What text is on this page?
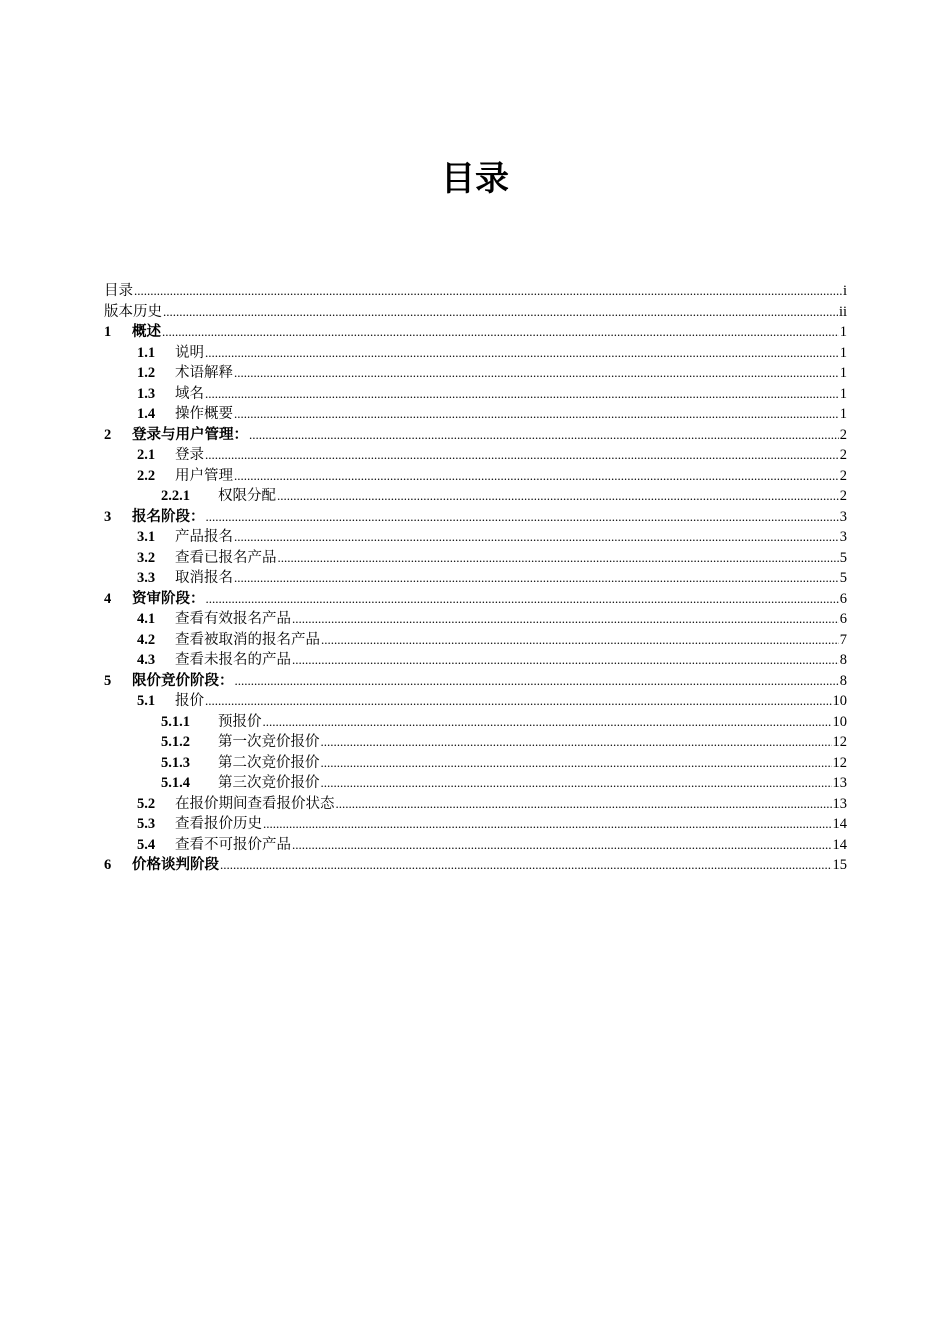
目录
目录 .....	i
版本历史 .....	ii
1	概述 .....	1
1.1	说明 .....	1
1.2	术语解释 .....	1
1.3	域名 .....	1
1.4	操作概要 .....	1
2	登录与用户管理： .....	2
2.1	登录 .....	2
2.2	用户管理 .....	2
2.2.1	权限分配 .....	2
3	报名阶段： .....	3
3.1	产品报名 .....	3
3.2	查看已报名产品 .....	5
3.3	取消报名 .....	5
4	资审阶段： .....	6
4.1	查看有效报名产品 .....	6
4.2	查看被取消的报名产品 .....	7
4.3	查看未报名的产品 .....	8
5	限价竞价阶段： .....	8
5.1	报价 .....	10
5.1.1	预报价 .....	10
5.1.2	第一次竞价报价 .....	12
5.1.3	第二次竞价报价 .....	12
5.1.4	第三次竞价报价 .....	13
5.2	在报价期间查看报价状态 .....	13
5.3	查看报价历史 .....	14
5.4	查看不可报价产品 .....	14
6	价格谈判阶段 .....	15
